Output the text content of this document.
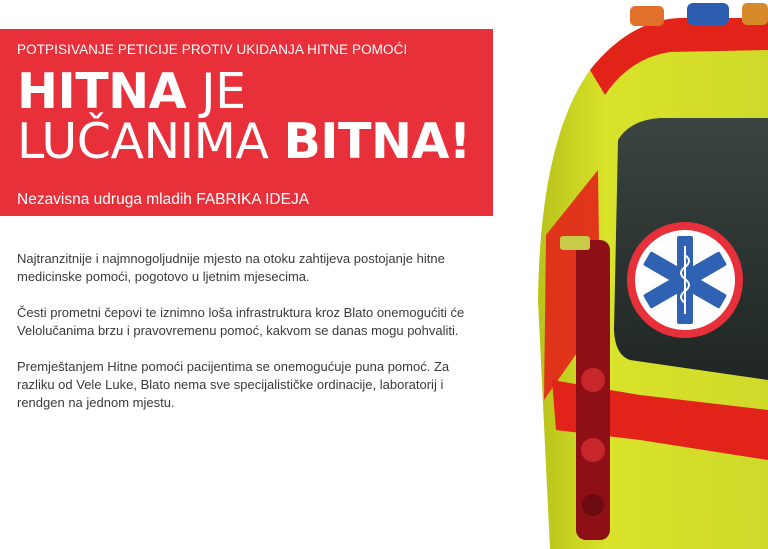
POTPISIVANJE PETICIJE PROTIV UKIDANJA HITNE POMOĆI
HITNA JE
LUČANIMA BITNA!
Nezavisna udruga mladih FABRIKA IDEJA

Najtranzitnije i najmnogoljudnije mjesto na otoku zahtijeva postojanje hitne medicinske pomoći, pogotovo u ljetnim mjesecima.

Česti prometni čepovi te iznimno loša infrastruktura kroz Blato onemogućiti će Velolučanima brzu i pravovremenu pomoć, kakvom se danas mogu pohvaliti.

Premještanjem Hitne pomoći pacijentima se onemogućuje puna pomoć. Za razliku od Vele Luke, Blato nema sve specijalističke ordinacije, laboratorij i rendgen na jednom mjestu.
